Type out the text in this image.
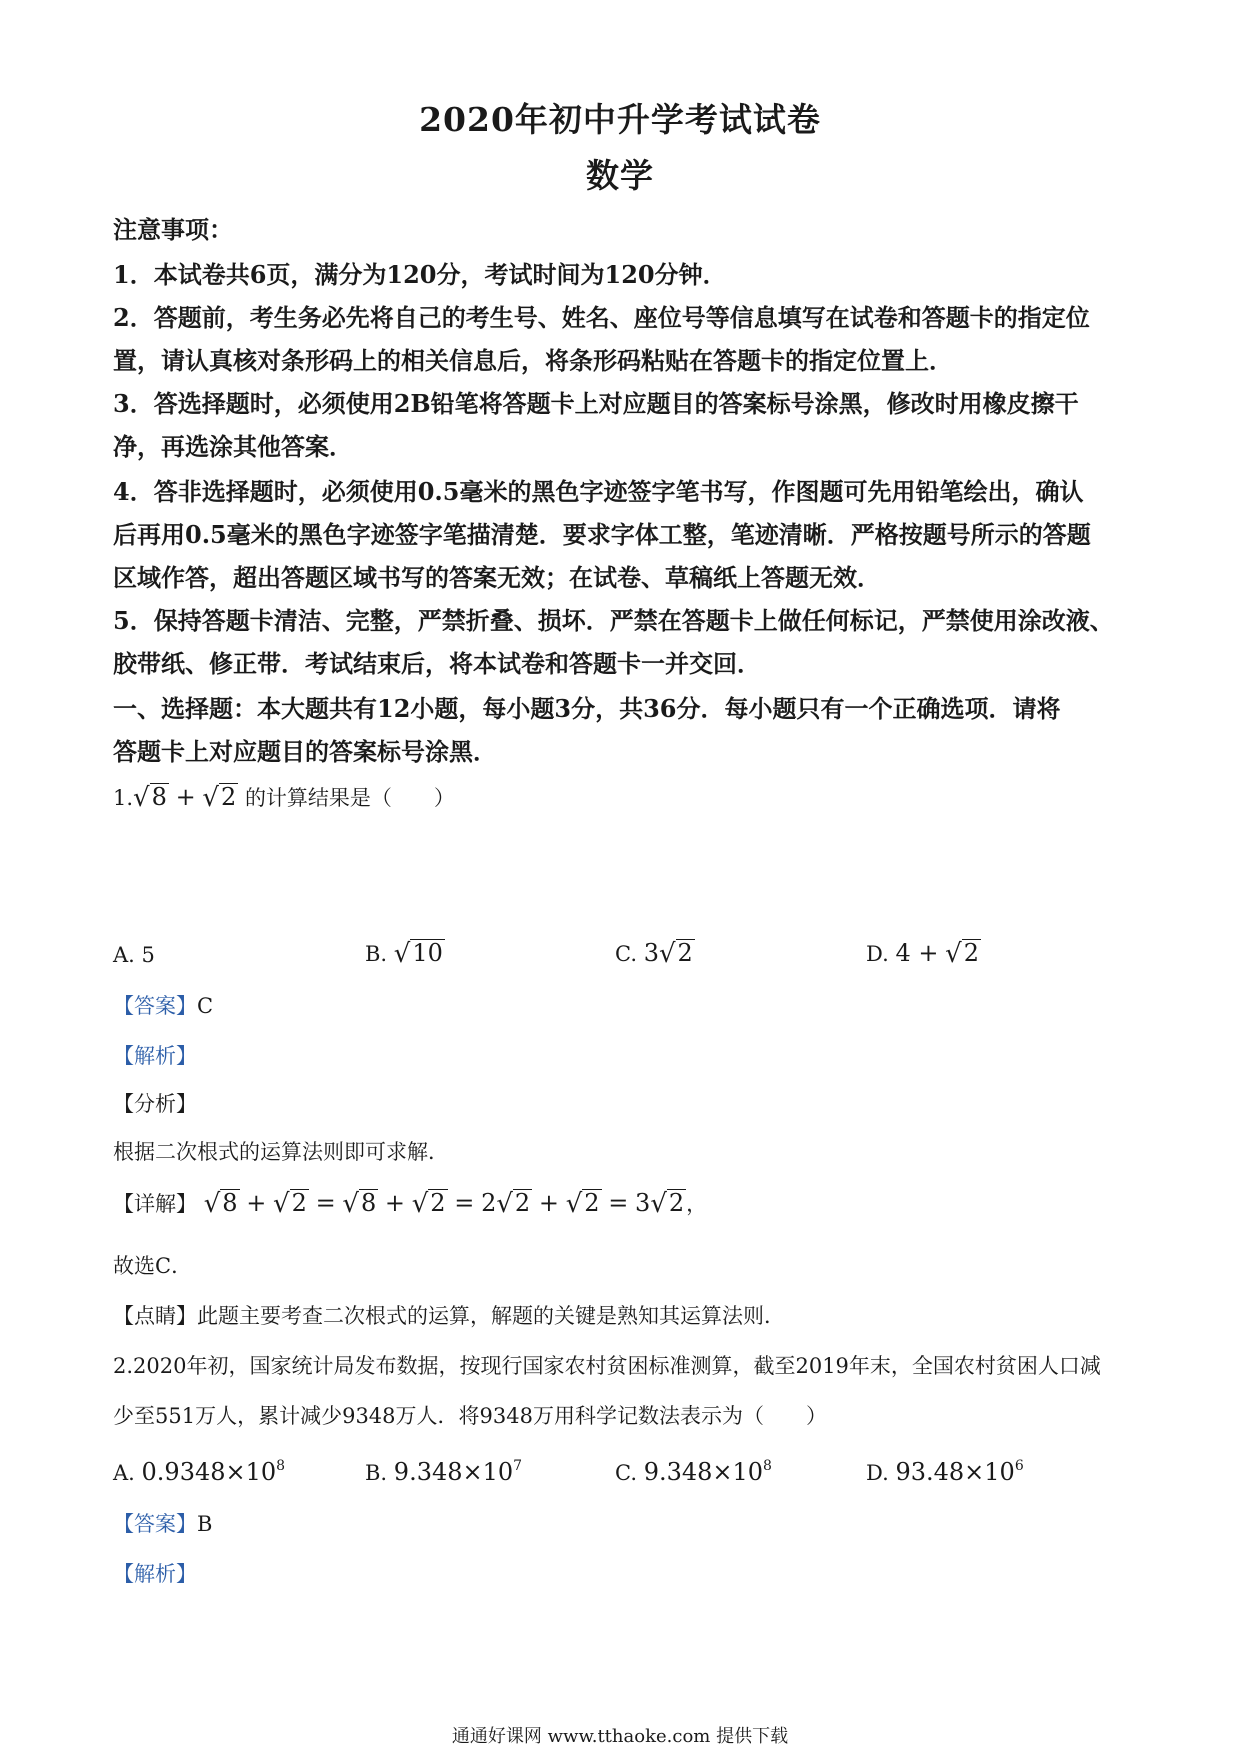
2020年初中升学考试试卷
数学
注意事项：
1．本试卷共6页，满分为120分，考试时间为120分钟．
2．答题前，考生务必先将自己的考生号、姓名、座位号等信息填写在试卷和答题卡的指定位
置，请认真核对条形码上的相关信息后，将条形码粘贴在答题卡的指定位置上．
3．答选择题时，必须使用2B铅笔将答题卡上对应题目的答案标号涂黑，修改时用橡皮擦干
净，再选涂其他答案．
4．答非选择题时，必须使用0.5毫米的黑色字迹签字笔书写，作图题可先用铅笔绘出，确认
后再用0.5毫米的黑色字迹签字笔描清楚．要求字体工整，笔迹清晰．严格按题号所示的答题
区域作答，超出答题区域书写的答案无效；在试卷、草稿纸上答题无效．
5．保持答题卡清洁、完整，严禁折叠、损坏．严禁在答题卡上做任何标记，严禁使用涂改液、
胶带纸、修正带．考试结束后，将本试卷和答题卡一并交回．
一、选择题：本大题共有12小题，每小题3分，共36分．每小题只有一个正确选项．请将
答题卡上对应题目的答案标号涂黑．
1.√8 + √2 的计算结果是（　　）
A. 5	B. √10	C. 3√2	D. 4 + √2
【答案】C
【解析】
【分析】
根据二次根式的运算法则即可求解．
【详解】 √8 + √2 = √8 + √2 = 2√2 + √2 = 3√2，
故选C．
【点睛】此题主要考查二次根式的运算，解题的关键是熟知其运算法则．
2.2020年初，国家统计局发布数据，按现行国家农村贫困标准测算，截至2019年末，全国农村贫困人口减
少至551万人，累计减少9348万人．将9348万用科学记数法表示为（　　）
A. $0.9348\times 10^8$	B. $9.348\times 10^7$	C. $9.348\times 10^8$	D. $93.48\times 10^6$
【答案】B
【解析】
通通好课网 www.tthaoke.com 提供下载
